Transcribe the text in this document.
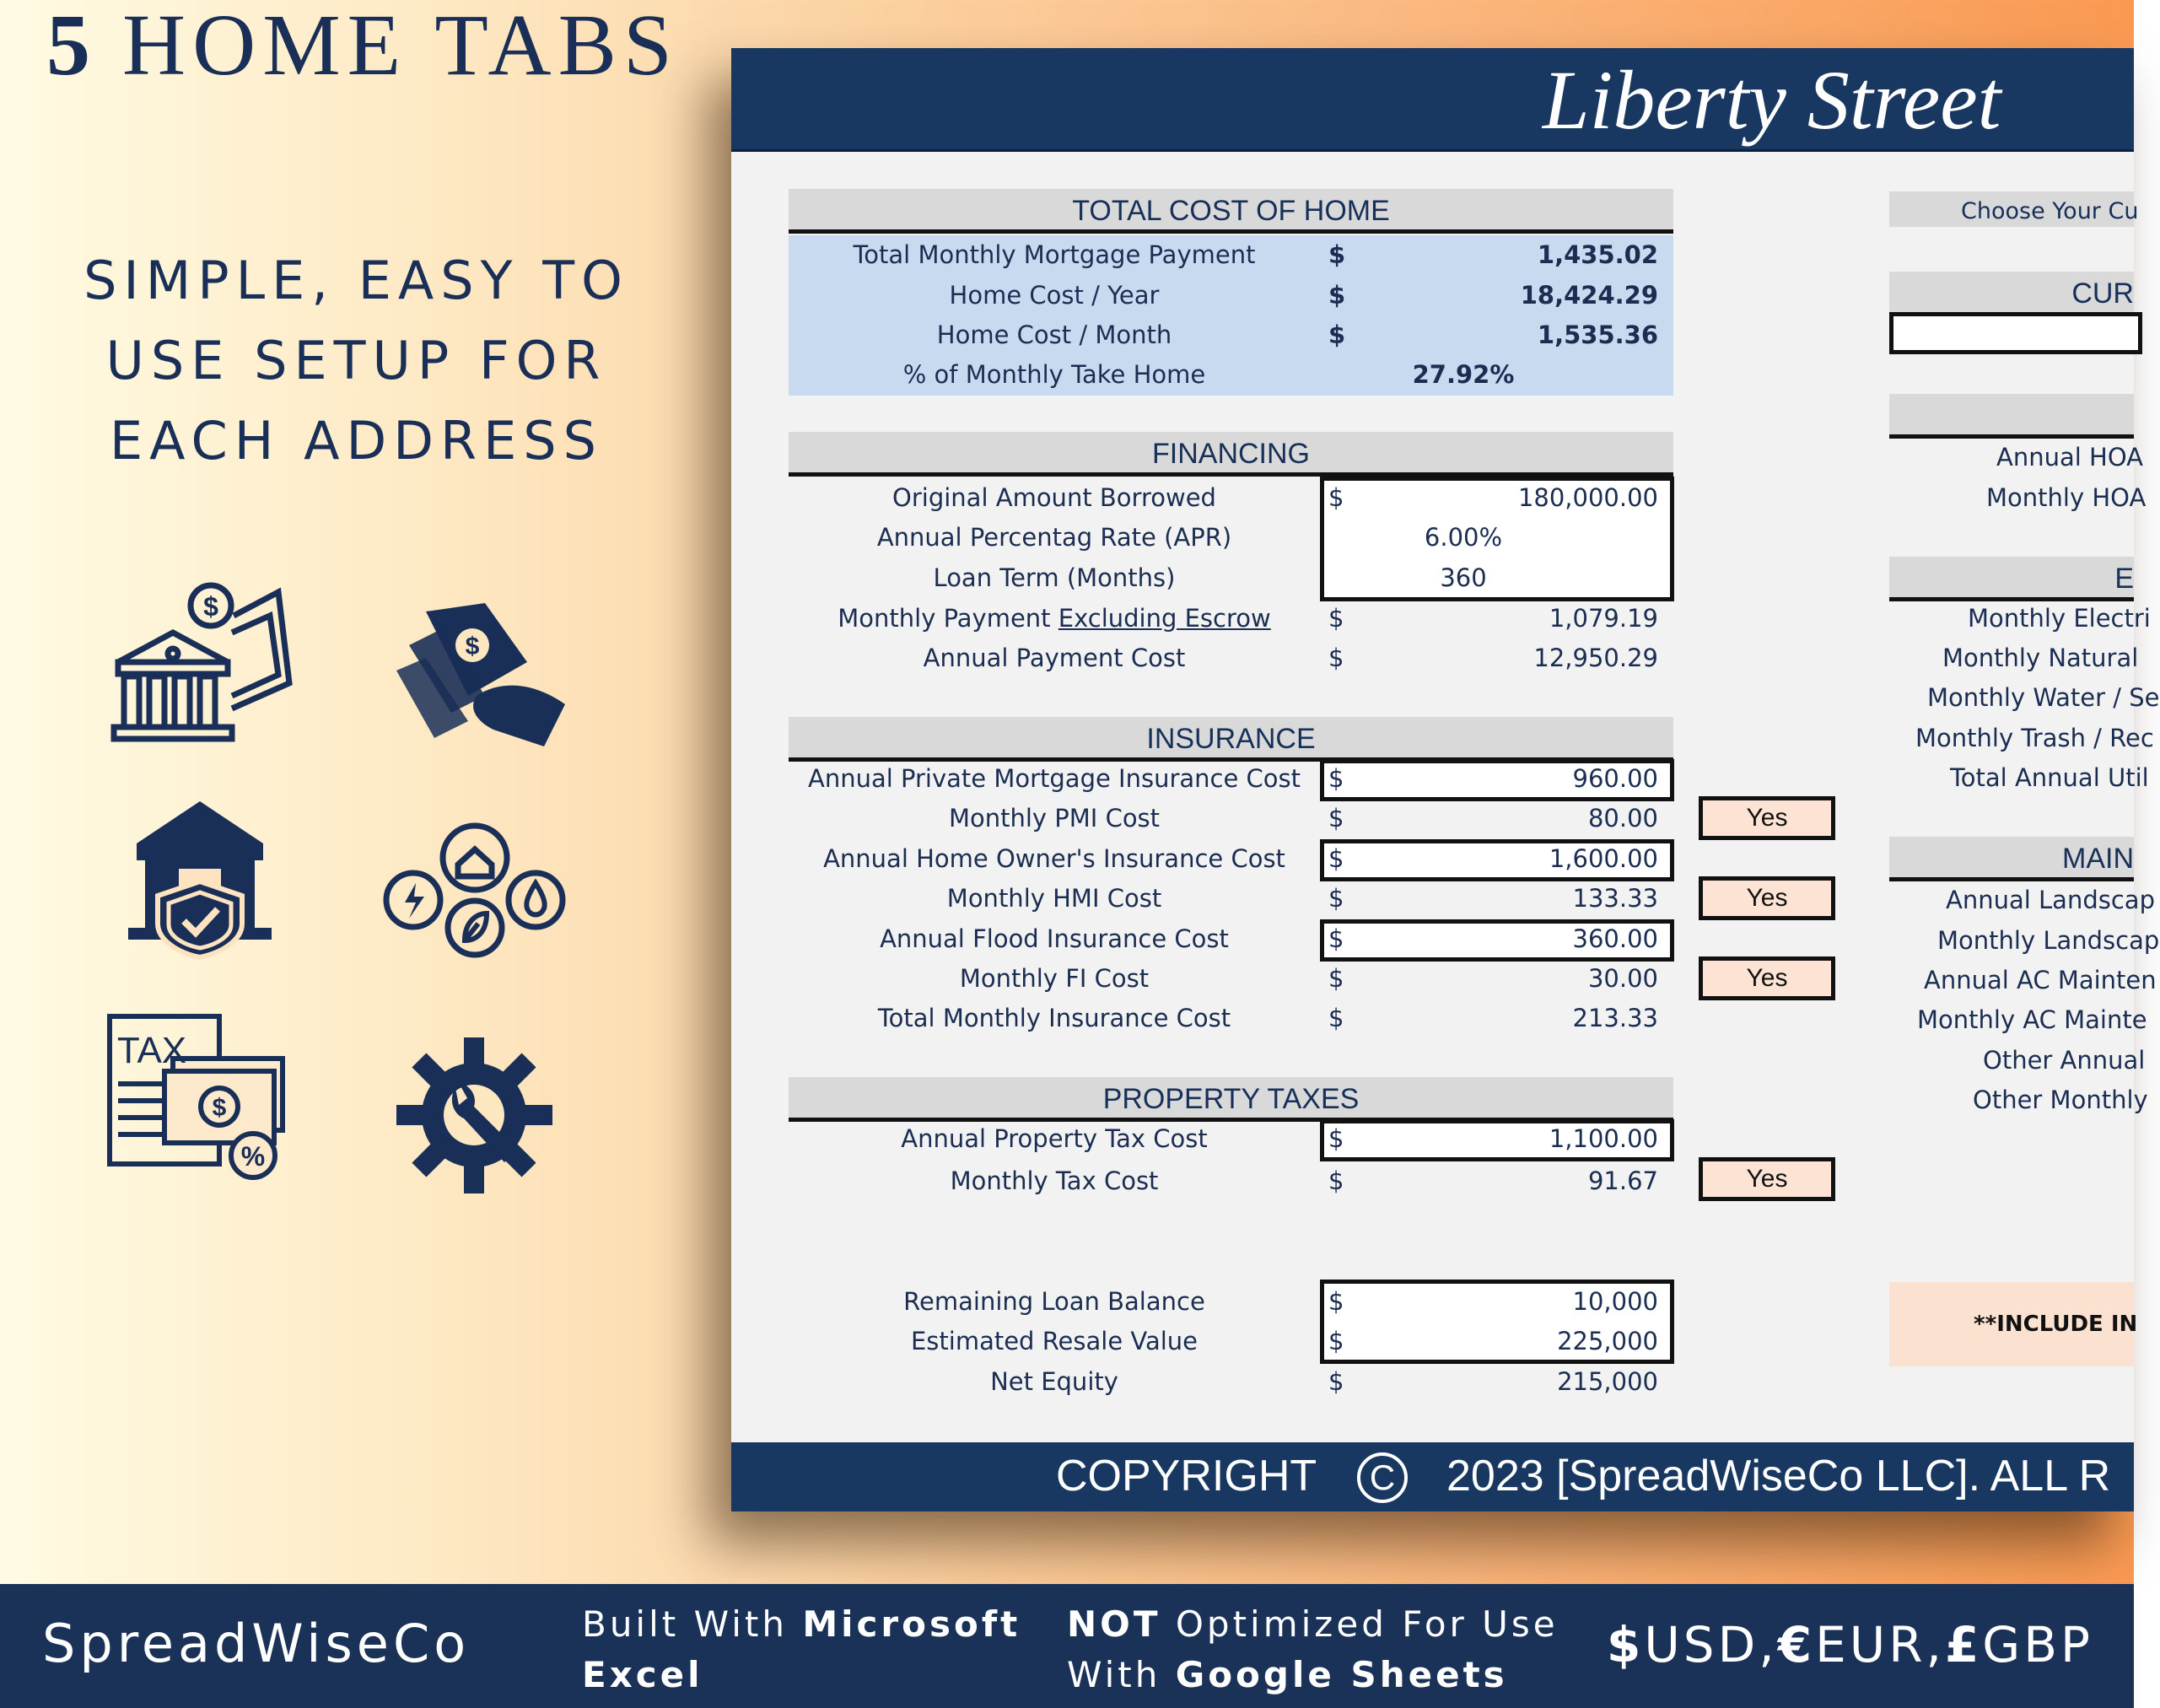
5 HOME TABS
SIMPLE, EASY TO
USE SETUP FOR
EACH ADDRESS
$
$
TAX
$
%
Liberty Street
TOTAL COST OF HOME
Total Monthly Mortgage Payment	$	1,435.02
Home Cost / Year	$	18,424.29
Home Cost / Month	$	1,535.36
% of Monthly Take Home	27.92%
FINANCING
Original Amount Borrowed	$	180,000.00
Annual Percentag Rate (APR)	6.00%
Loan Term (Months)	360
Monthly Payment Excluding Escrow	$	1,079.19
Annual Payment Cost	$	12,950.29
INSURANCE
Annual Private Mortgage Insurance Cost	$	960.00
Monthly PMI Cost	$	80.00	Yes
Annual Home Owner's Insurance Cost	$	1,600.00
Monthly HMI Cost	$	133.33	Yes
Annual Flood Insurance Cost	$	360.00
Monthly FI Cost	$	30.00	Yes
Total Monthly Insurance Cost	$	213.33
PROPERTY TAXES
Annual Property Tax Cost	$	1,100.00
Monthly Tax Cost	$	91.67	Yes
Remaining Loan Balance	$	10,000
Estimated Resale Value	$	225,000
Net Equity	$	215,000
Choose Your Cu
CUR
Annual HOA
Monthly HOA
E
Monthly Electri
Monthly Natural
Monthly Water / Se
Monthly Trash / Rec
Total Annual Util
MAIN
Annual Landscap
Monthly Landscap
Annual AC Mainten
Monthly AC Mainte
Other Annual
Other Monthly
**INCLUDE IN
COPYRIGHT	C 2023 [SpreadWiseCo LLC]. ALL R
SpreadWiseCo	Built With Microsoft
Excel
NOT Optimized For Use
With Google Sheets
$USD,€EUR,£GBP
